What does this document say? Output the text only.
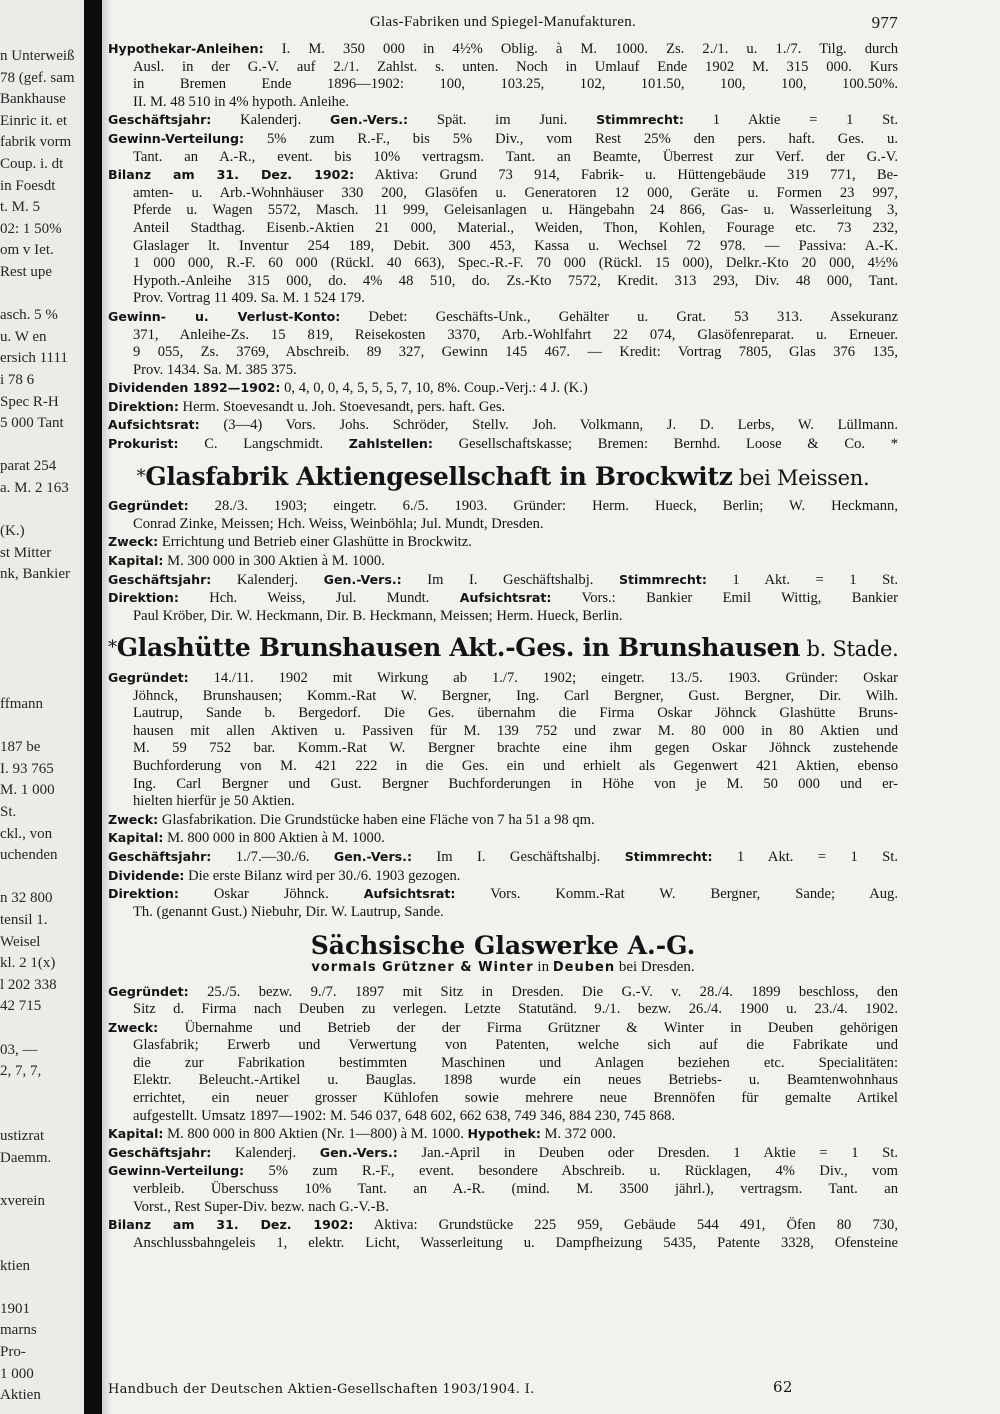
n Unterweiß
78 (gef. sam
Bankhause
Einric it. et
fabrik vorm
Coup. i. dt
in Foesdt
t. M. 5
02: 1 50%
om v Iet.
Rest upe
asch. 5 %
u. W en
ersich 1111
i 78 6
Spec R-H
5 000 Tant
parat 254
a. M. 2 163
(K.)
st Mitter
nk, Bankier
ffmann
187 be
I. 93 765
M. 1 000
St.
ckl., von
uchenden
n 32 800
tensil 1.
Weisel
kl. 2 1(x)
l 202 338
42 715
03, —
2, 7, 7,
ustizrat
Daemm.
xverein
ktien
1901
marns
Pro-
1 000
Aktien
Glas-Fabriken und Spiegel-Manufakturen.	977
Hypothekar-Anleihen: I. M. 350 000 in 4½% Oblig. à M. 1000. Zs. 2./1. u. 1./7. Tilg. durch
Ausl. in der G.-V. auf 2./1. Zahlst. s. unten. Noch in Umlauf Ende 1902 M. 315 000. Kurs
in Bremen Ende 1896—1902: 100, 103.25, 102, 101.50, 100, 100, 100.50%.
II. M. 48 510 in 4% hypoth. Anleihe.
Geschäftsjahr: Kalenderj. Gen.-Vers.: Spät. im Juni. Stimmrecht: 1 Aktie = 1 St.
Gewinn-Verteilung: 5% zum R.-F., bis 5% Div., vom Rest 25% den pers. haft. Ges. u.
Tant. an A.-R., event. bis 10% vertragsm. Tant. an Beamte, Überrest zur Verf. der G.-V.
Bilanz am 31. Dez. 1902: Aktiva: Grund 73 914, Fabrik- u. Hüttengebäude 319 771, Be-
amten- u. Arb.-Wohnhäuser 330 200, Glasöfen u. Generatoren 12 000, Geräte u. Formen 23 997,
Pferde u. Wagen 5572, Masch. 11 999, Geleisanlagen u. Hängebahn 24 866, Gas- u. Wasserleitung 3,
Anteil Stadthag. Eisenb.-Aktien 21 000, Material., Weiden, Thon, Kohlen, Fourage etc. 73 232,
Glaslager lt. Inventur 254 189, Debit. 300 453, Kassa u. Wechsel 72 978. — Passiva: A.-K.
1 000 000, R.-F. 60 000 (Rückl. 40 663), Spec.-R.-F. 70 000 (Rückl. 15 000), Delkr.-Kto 20 000, 4½%
Hypoth.-Anleihe 315 000, do. 4% 48 510, do. Zs.-Kto 7572, Kredit. 313 293, Div. 48 000, Tant.
Prov. Vortrag 11 409. Sa. M. 1 524 179.
Gewinn- u. Verlust-Konto: Debet: Geschäfts-Unk., Gehälter u. Grat. 53 313. Assekuranz
371, Anleihe-Zs. 15 819, Reisekosten 3370, Arb.-Wohlfahrt 22 074, Glasöfenreparat. u. Erneuer.
9 055, Zs. 3769, Abschreib. 89 327, Gewinn 145 467. — Kredit: Vortrag 7805, Glas 376 135,
Prov. 1434. Sa. M. 385 375.
Dividenden 1892—1902: 0, 4, 0, 0, 4, 5, 5, 5, 7, 10, 8%. Coup.-Verj.: 4 J. (K.)
Direktion: Herm. Stoevesandt u. Joh. Stoevesandt, pers. haft. Ges.
Aufsichtsrat: (3—4) Vors. Johs. Schröder, Stellv. Joh. Volkmann, J. D. Lerbs, W. Lüllmann.
Prokurist: C. Langschmidt. Zahlstellen: Gesellschaftskasse; Bremen: Bernhd. Loose & Co. *
*Glasfabrik Aktiengesellschaft in Brockwitz bei Meissen.
Gegründet: 28./3. 1903; eingetr. 6./5. 1903. Gründer: Herm. Hueck, Berlin; W. Heckmann,
Conrad Zinke, Meissen; Hch. Weiss, Weinböhla; Jul. Mundt, Dresden.
Zweck: Errichtung und Betrieb einer Glashütte in Brockwitz.
Kapital: M. 300 000 in 300 Aktien à M. 1000.
Geschäftsjahr: Kalenderj. Gen.-Vers.: Im I. Geschäftshalbj. Stimmrecht: 1 Akt. = 1 St.
Direktion: Hch. Weiss, Jul. Mundt. Aufsichtsrat: Vors.: Bankier Emil Wittig, Bankier
Paul Kröber, Dir. W. Heckmann, Dir. B. Heckmann, Meissen; Herm. Hueck, Berlin.
*Glashütte Brunshausen Akt.-Ges. in Brunshausen b. Stade.
Gegründet: 14./11. 1902 mit Wirkung ab 1./7. 1902; eingetr. 13./5. 1903. Gründer: Oskar
Jöhnck, Brunshausen; Komm.-Rat W. Bergner, Ing. Carl Bergner, Gust. Bergner, Dir. Wilh.
Lautrup, Sande b. Bergedorf. Die Ges. übernahm die Firma Oskar Jöhnck Glashütte Bruns-
hausen mit allen Aktiven u. Passiven für M. 139 752 und zwar M. 80 000 in 80 Aktien und
M. 59 752 bar. Komm.-Rat W. Bergner brachte eine ihm gegen Oskar Jöhnck zustehende
Buchforderung von M. 421 222 in die Ges. ein und erhielt als Gegenwert 421 Aktien, ebenso
Ing. Carl Bergner und Gust. Bergner Buchforderungen in Höhe von je M. 50 000 und er-
hielten hierfür je 50 Aktien.
Zweck: Glasfabrikation. Die Grundstücke haben eine Fläche von 7 ha 51 a 98 qm.
Kapital: M. 800 000 in 800 Aktien à M. 1000.
Geschäftsjahr: 1./7.—30./6. Gen.-Vers.: Im I. Geschäftshalbj. Stimmrecht: 1 Akt. = 1 St.
Dividende: Die erste Bilanz wird per 30./6. 1903 gezogen.
Direktion: Oskar Jöhnck. Aufsichtsrat: Vors. Komm.-Rat W. Bergner, Sande; Aug.
Th. (genannt Gust.) Niebuhr, Dir. W. Lautrup, Sande.
Sächsische Glaswerke A.-G.
vormals Grützner & Winter in Deuben bei Dresden.
Gegründet: 25./5. bezw. 9./7. 1897 mit Sitz in Dresden. Die G.-V. v. 28./4. 1899 beschloss, den
Sitz d. Firma nach Deuben zu verlegen. Letzte Statutänd. 9./1. bezw. 26./4. 1900 u. 23./4. 1902.
Zweck: Übernahme und Betrieb der der Firma Grützner & Winter in Deuben gehörigen
Glasfabrik; Erwerb und Verwertung von Patenten, welche sich auf die Fabrikate und
die zur Fabrikation bestimmten Maschinen und Anlagen beziehen etc. Specialitäten:
Elektr. Beleucht.-Artikel u. Bauglas. 1898 wurde ein neues Betriebs- u. Beamtenwohnhaus
errichtet, ein neuer grosser Kühlofen sowie mehrere neue Brennöfen für gemalte Artikel
aufgestellt. Umsatz 1897—1902: M. 546 037, 648 602, 662 638, 749 346, 884 230, 745 868.
Kapital: M. 800 000 in 800 Aktien (Nr. 1—800) à M. 1000. Hypothek: M. 372 000.
Geschäftsjahr: Kalenderj. Gen.-Vers.: Jan.-April in Deuben oder Dresden. 1 Aktie = 1 St.
Gewinn-Verteilung: 5% zum R.-F., event. besondere Abschreib. u. Rücklagen, 4% Div., vom
verbleib. Überschuss 10% Tant. an A.-R. (mind. M. 3500 jährl.), vertragsm. Tant. an
Vorst., Rest Super-Div. bezw. nach G.-V.-B.
Bilanz am 31. Dez. 1902: Aktiva: Grundstücke 225 959, Gebäude 544 491, Öfen 80 730,
Anschlussbahngeleis 1, elektr. Licht, Wasserleitung u. Dampfheizung 5435, Patente 3328, Ofensteine
Handbuch der Deutschen Aktien-Gesellschaften 1903/1904. I.	62
